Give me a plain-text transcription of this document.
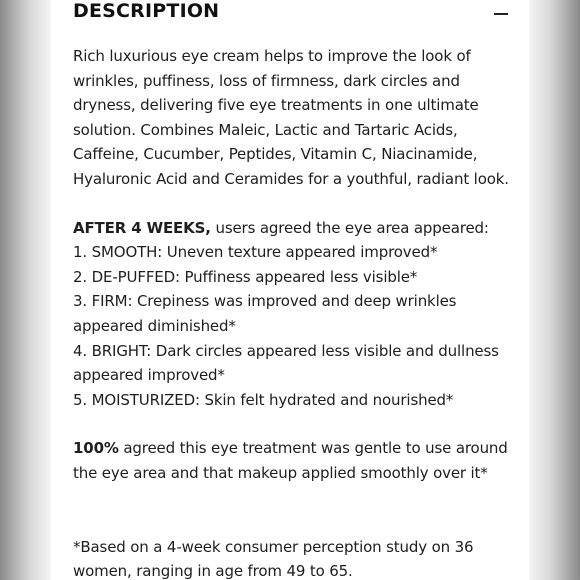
DESCRIPTION

Rich luxurious eye cream helps to improve the look of wrinkles, puffiness, loss of firmness, dark circles and dryness, delivering five eye treatments in one ultimate solution. Combines Maleic, Lactic and Tartaric Acids, Caffeine, Cucumber, Peptides, Vitamin C, Niacinamide, Hyaluronic Acid and Ceramides for a youthful, radiant look.

AFTER 4 WEEKS, users agreed the eye area appeared:

1. SMOOTH: Uneven texture appeared improved*
2. DE-PUFFED: Puffiness appeared less visible*
3. FIRM: Crepiness was improved and deep wrinkles appeared diminished*
4. BRIGHT: Dark circles appeared less visible and dullness appeared improved*
5. MOISTURIZED: Skin felt hydrated and nourished*

100% agreed this eye treatment was gentle to use around the eye area and that makeup applied smoothly over it*

*Based on a 4-week consumer perception study on 36 women, ranging in age from 49 to 65.
